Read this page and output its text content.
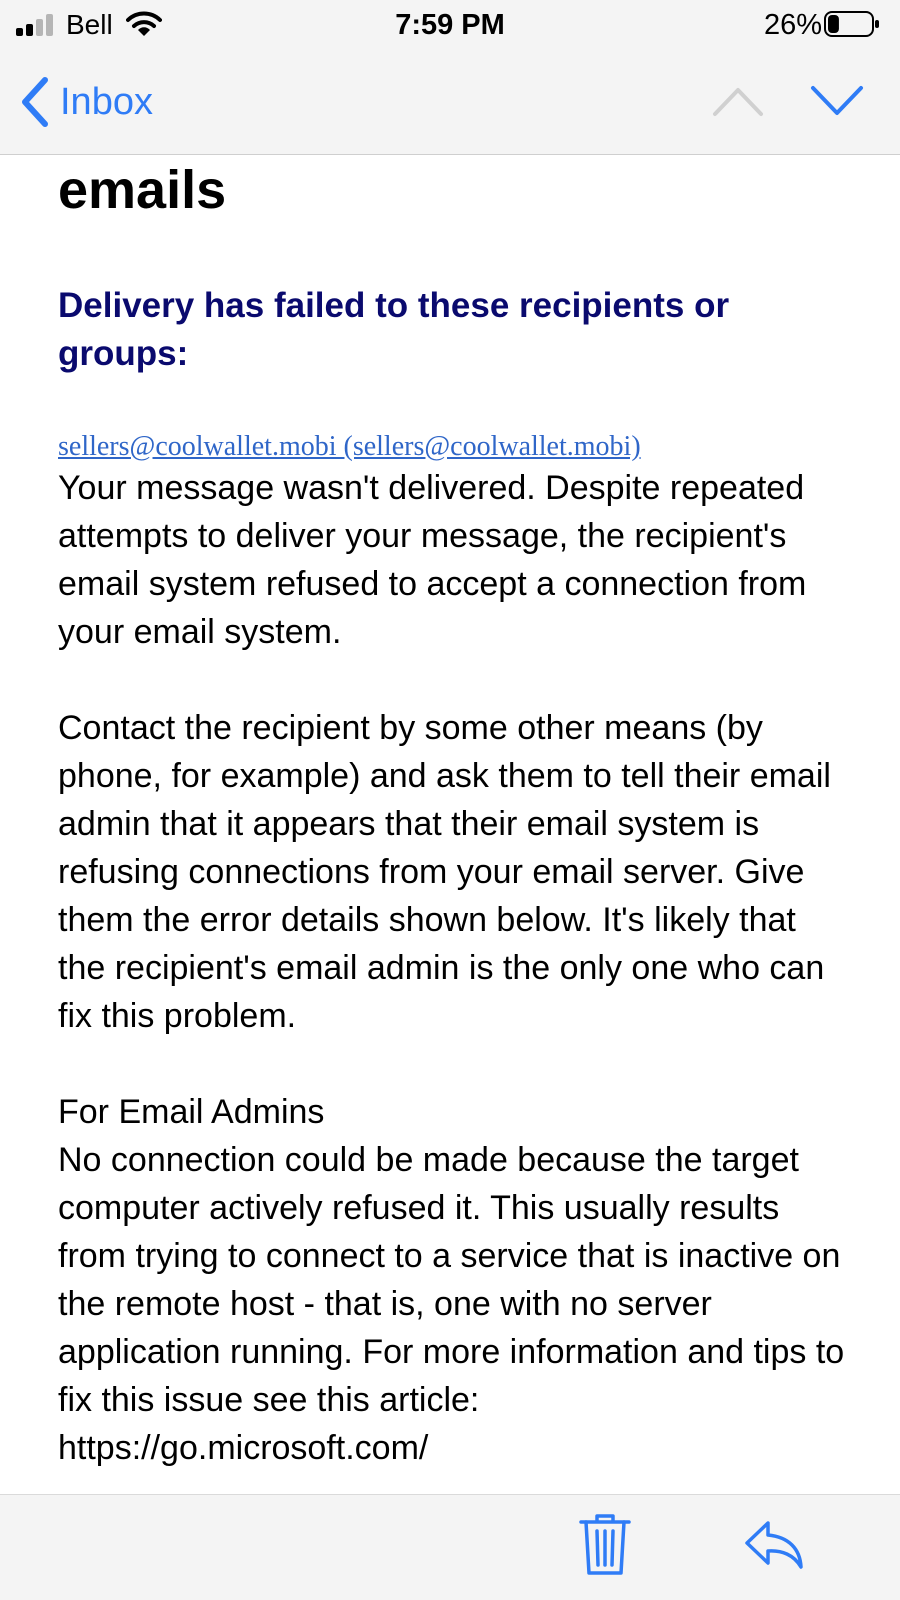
Bell	7:59 PM	26%
Inbox
emails
Delivery has failed to these recipients or groups:
sellers@coolwallet.mobi (sellers@coolwallet.mobi)

Your message wasn't delivered. Despite repeated attempts to deliver your message, the recipient's email system refused to accept a connection from your email system.

Contact the recipient by some other means (by phone, for example) and ask them to tell their email admin that it appears that their email system is refusing connections from your email server. Give them the error details shown below. It's likely that the recipient's email admin is the only one who can fix this problem.

For Email Admins

No connection could be made because the target computer actively refused it. This usually results from trying to connect to a service that is inactive on the remote host - that is, one with no server application running. For more information and tips to fix this issue see this article: https://go.microsoft.com/
